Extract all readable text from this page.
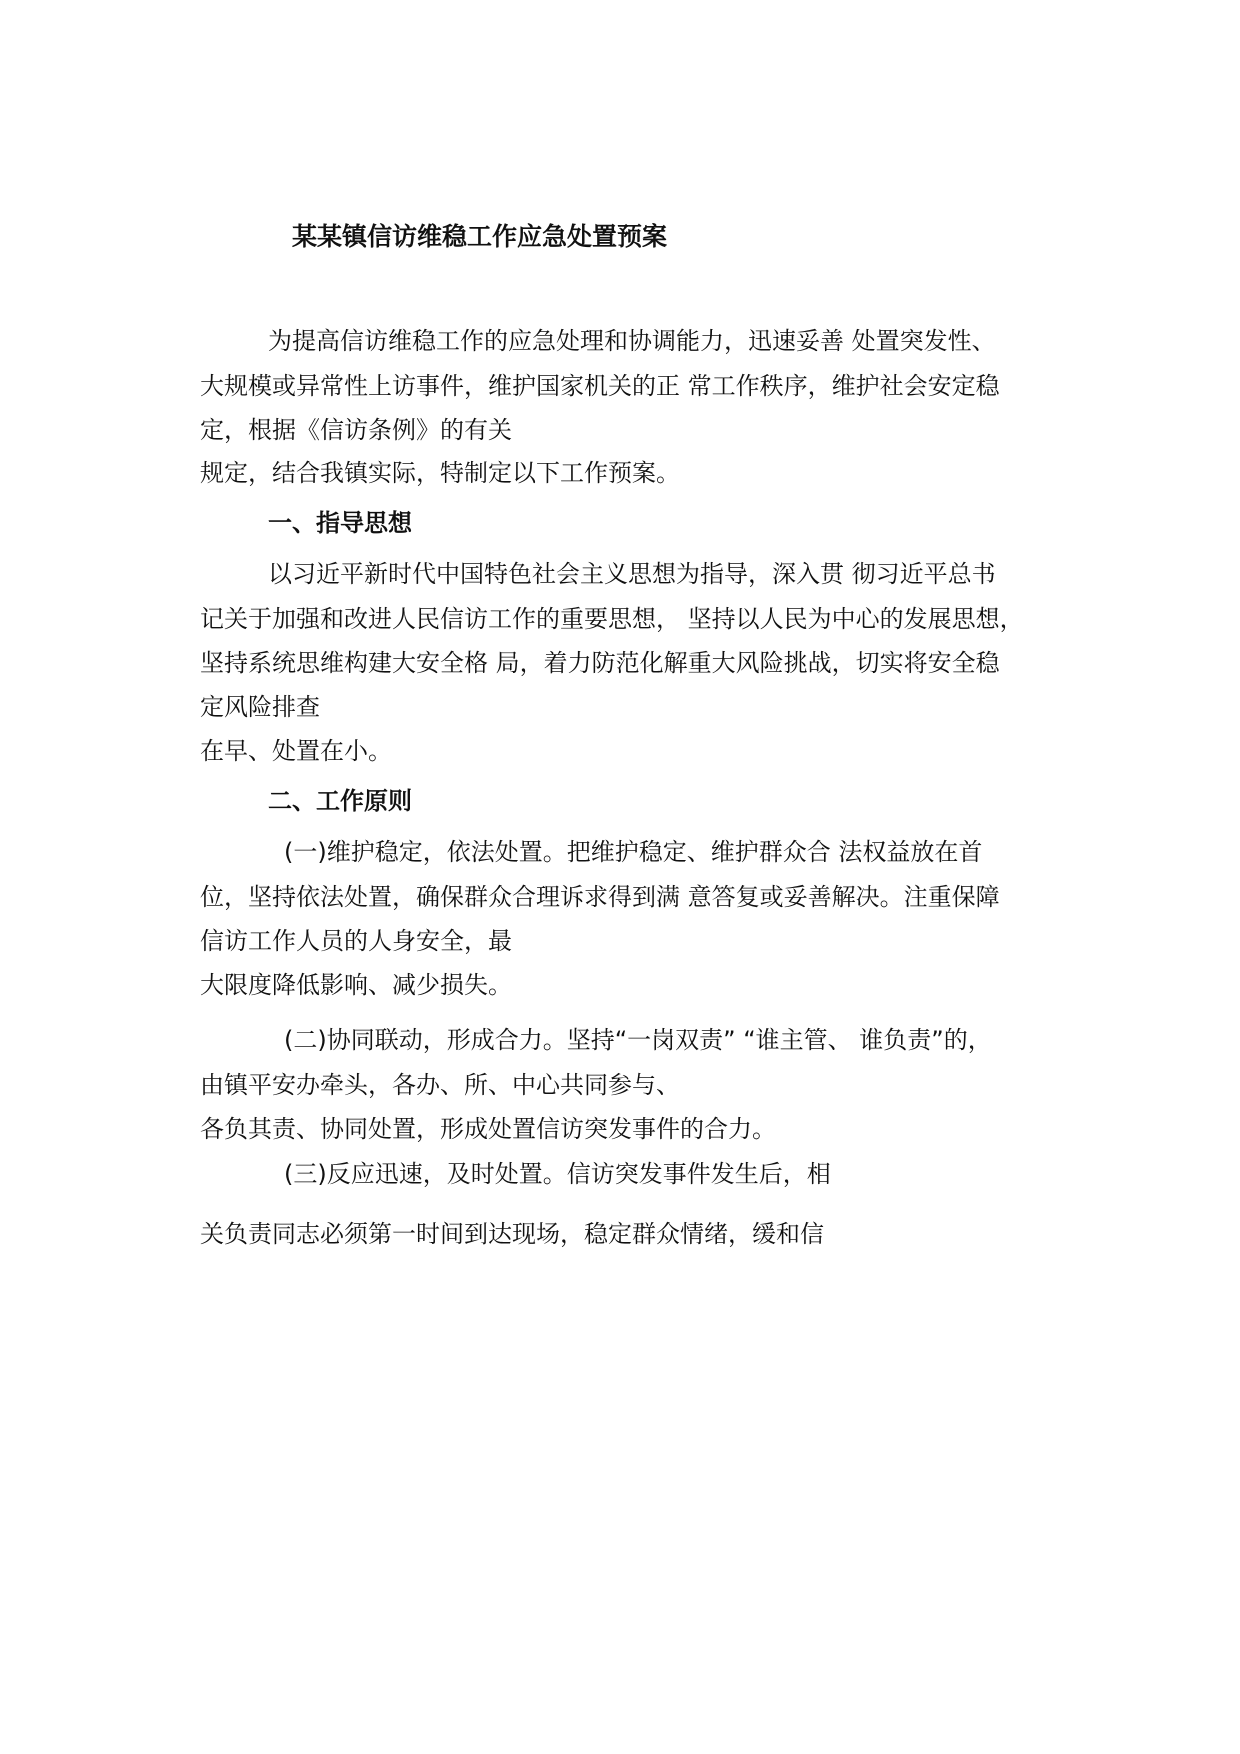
某某镇信访维稳工作应急处置预案
为提高信访维稳工作的应急处理和协调能力，迅速妥善 处置突发性、
大规模或异常性上访事件，维护国家机关的正 常工作秩序，维护社会安定稳
定，根据《信访条例》的有关
规定，结合我镇实际，特制定以下工作预案。
一、指导思想
以习近平新时代中国特色社会主义思想为指导，深入贯 彻习近平总书
记关于加强和改进人民信访工作的重要思想， 坚持以人民为中心的发展思想，
坚持系统思维构建大安全格 局，着力防范化解重大风险挑战，切实将安全稳
定风险排查
在早、处置在小。
二、工作原则
(一)维护稳定，依法处置。把维护稳定、维护群众合 法权益放在首
位，坚持依法处置，确保群众合理诉求得到满 意答复或妥善解决。注重保障
信访工作人员的人身安全，最
大限度降低影响、减少损失。
(二)协同联动，形成合力。坚持“一岗双责” “谁主管、 谁负责”的，
由镇平安办牵头，各办、所、中心共同参与、
各负其责、协同处置，形成处置信访突发事件的合力。
(三)反应迅速，及时处置。信访突发事件发生后，相
关负责同志必须第一时间到达现场，稳定群众情绪，缓和信
